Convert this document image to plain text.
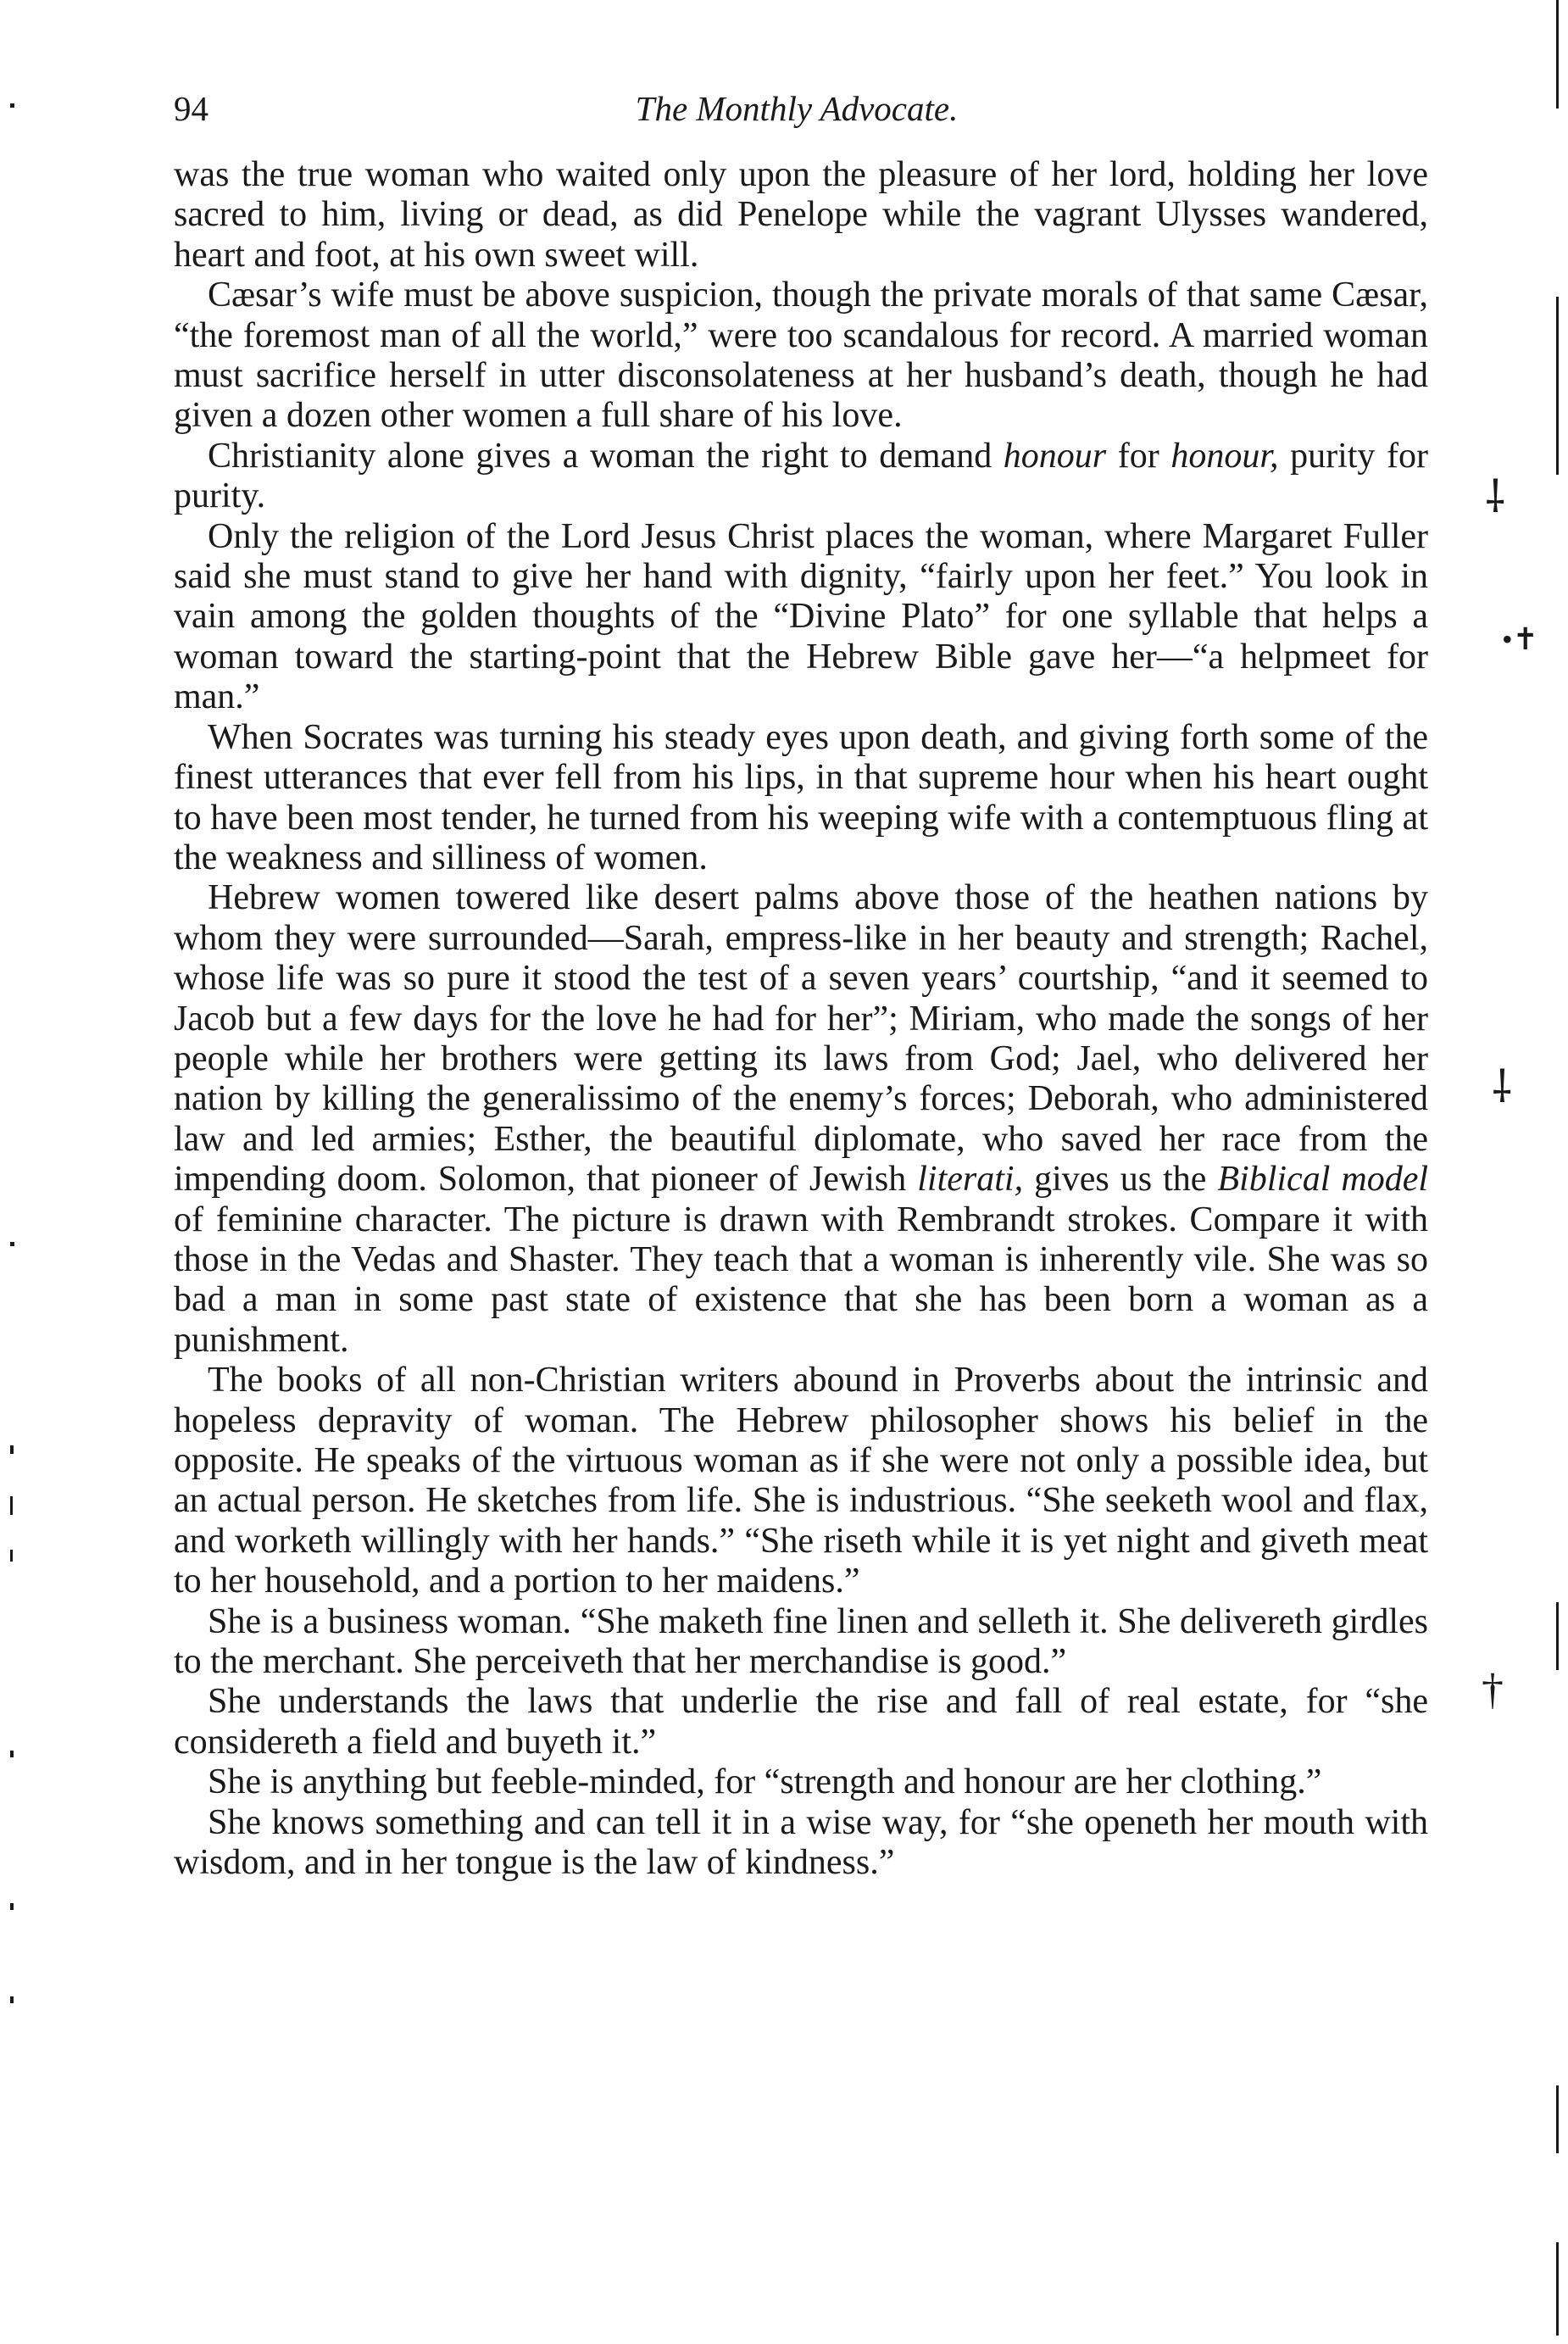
94	The Monthly Advocate.

was the true woman who waited only upon the pleasure of her lord, holding her love sacred to him, living or dead, as did Penelope while the vagrant Ulysses wandered, heart and foot, at his own sweet will.

Cæsar’s wife must be above suspicion, though the private morals of that same Cæsar, “the foremost man of all the world,” were too scandalous for record. A married woman must sacrifice herself in utter disconsolateness at her husband’s death, though he had given a dozen other women a full share of his love.

Christianity alone gives a woman the right to demand honour for honour, purity for purity.

Only the religion of the Lord Jesus Christ places the woman, where Margaret Fuller said she must stand to give her hand with dignity, “fairly upon her feet.” You look in vain among the golden thoughts of the “Divine Plato” for one syllable that helps a woman toward the starting-point that the Hebrew Bible gave her—“a helpmeet for man.”

When Socrates was turning his steady eyes upon death, and giving forth some of the finest utterances that ever fell from his lips, in that supreme hour when his heart ought to have been most tender, he turned from his weeping wife with a contemptuous fling at the weakness and silliness of women.

Hebrew women towered like desert palms above those of the heathen nations by whom they were surrounded—Sarah, empress-like in her beauty and strength; Rachel, whose life was so pure it stood the test of a seven years’ courtship, “and it seemed to Jacob but a few days for the love he had for her”; Miriam, who made the songs of her people while her brothers were getting its laws from God; Jael, who delivered her nation by killing the generalissimo of the enemy’s forces; Deborah, who administered law and led armies; Esther, the beautiful diplomate, who saved her race from the impending doom. Solomon, that pioneer of Jewish literati, gives us the Biblical model of feminine character. The picture is drawn with Rembrandt strokes. Compare it with those in the Vedas and Shaster. They teach that a woman is inherently vile. She was so bad a man in some past state of existence that she has been born a woman as a punishment.

The books of all non-Christian writers abound in Proverbs about the intrinsic and hopeless depravity of woman. The Hebrew philosopher shows his belief in the opposite. He speaks of the virtuous woman as if she were not only a possible idea, but an actual person. He sketches from life. She is industrious. “She seeketh wool and flax, and worketh willingly with her hands.” “She riseth while it is yet night and giveth meat to her household, and a portion to her maidens.”

She is a business woman. “She maketh fine linen and selleth it. She delivereth girdles to the merchant. She perceiveth that her merchandise is good.”

She understands the laws that underlie the rise and fall of real estate, for “she considereth a field and buyeth it.”

She is anything but feeble-minded, for “strength and honour are her clothing.”

She knows something and can tell it in a wise way, for “she openeth her mouth with wisdom, and in her tongue is the law of kindness.”

⸸
•✝
⸸
†
